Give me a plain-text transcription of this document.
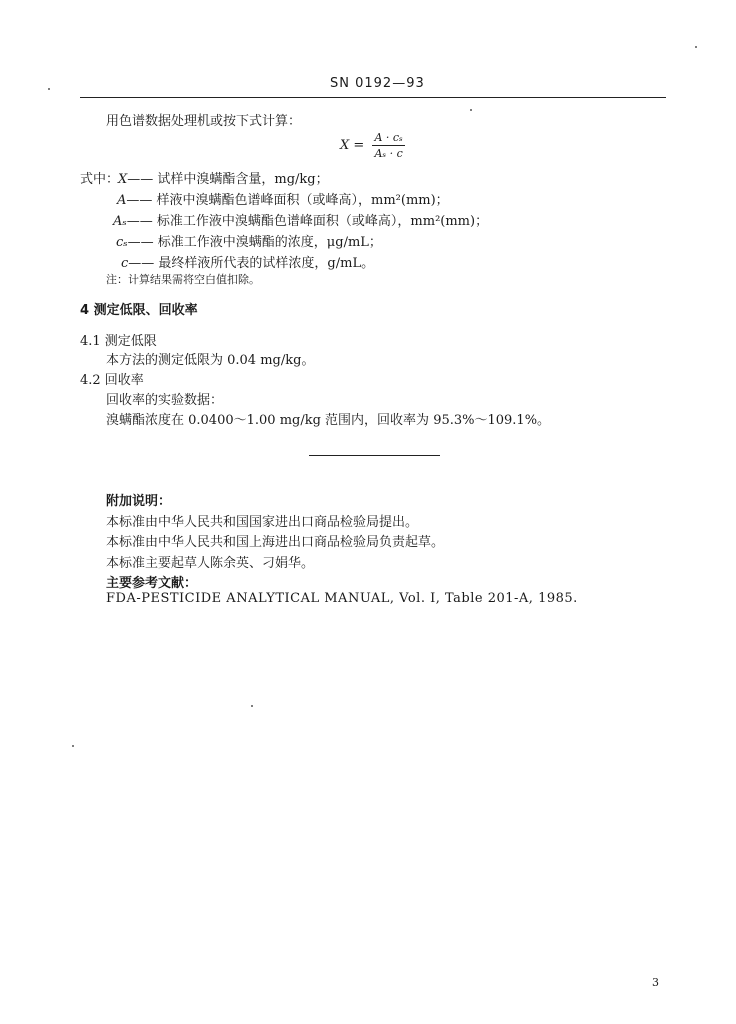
SN 0192—93
用色谱数据处理机或按下式计算：
$X = \frac{\text{A · cₛ}}{\text{Aₛ · c}}$
式中：
X—— 试样中溴螨酯含量，mg/kg；
A—— 样液中溴螨酯色谱峰面积（或峰高），mm²(mm)；
Aₛ—— 标准工作液中溴螨酯色谱峰面积（或峰高），mm²(mm)；
cₛ—— 标准工作液中溴螨酯的浓度，μg/mL；
c—— 最终样液所代表的试样浓度，g/mL。
注：计算结果需将空白值扣除。
4 测定低限、回收率
4.1 测定低限
本方法的测定低限为 0.04 mg/kg。
4.2 回收率
回收率的实验数据：
溴螨酯浓度在 0.0400～1.00 mg/kg 范围内，回收率为 95.3%～109.1%。
附加说明：
本标准由中华人民共和国国家进出口商品检验局提出。
本标准由中华人民共和国上海进出口商品检验局负责起草。
本标准主要起草人陈余英、刁娟华。
主要参考文献：
FDA-PESTICIDE ANALYTICAL MANUAL, Vol. I, Table 201-A, 1985.
3
